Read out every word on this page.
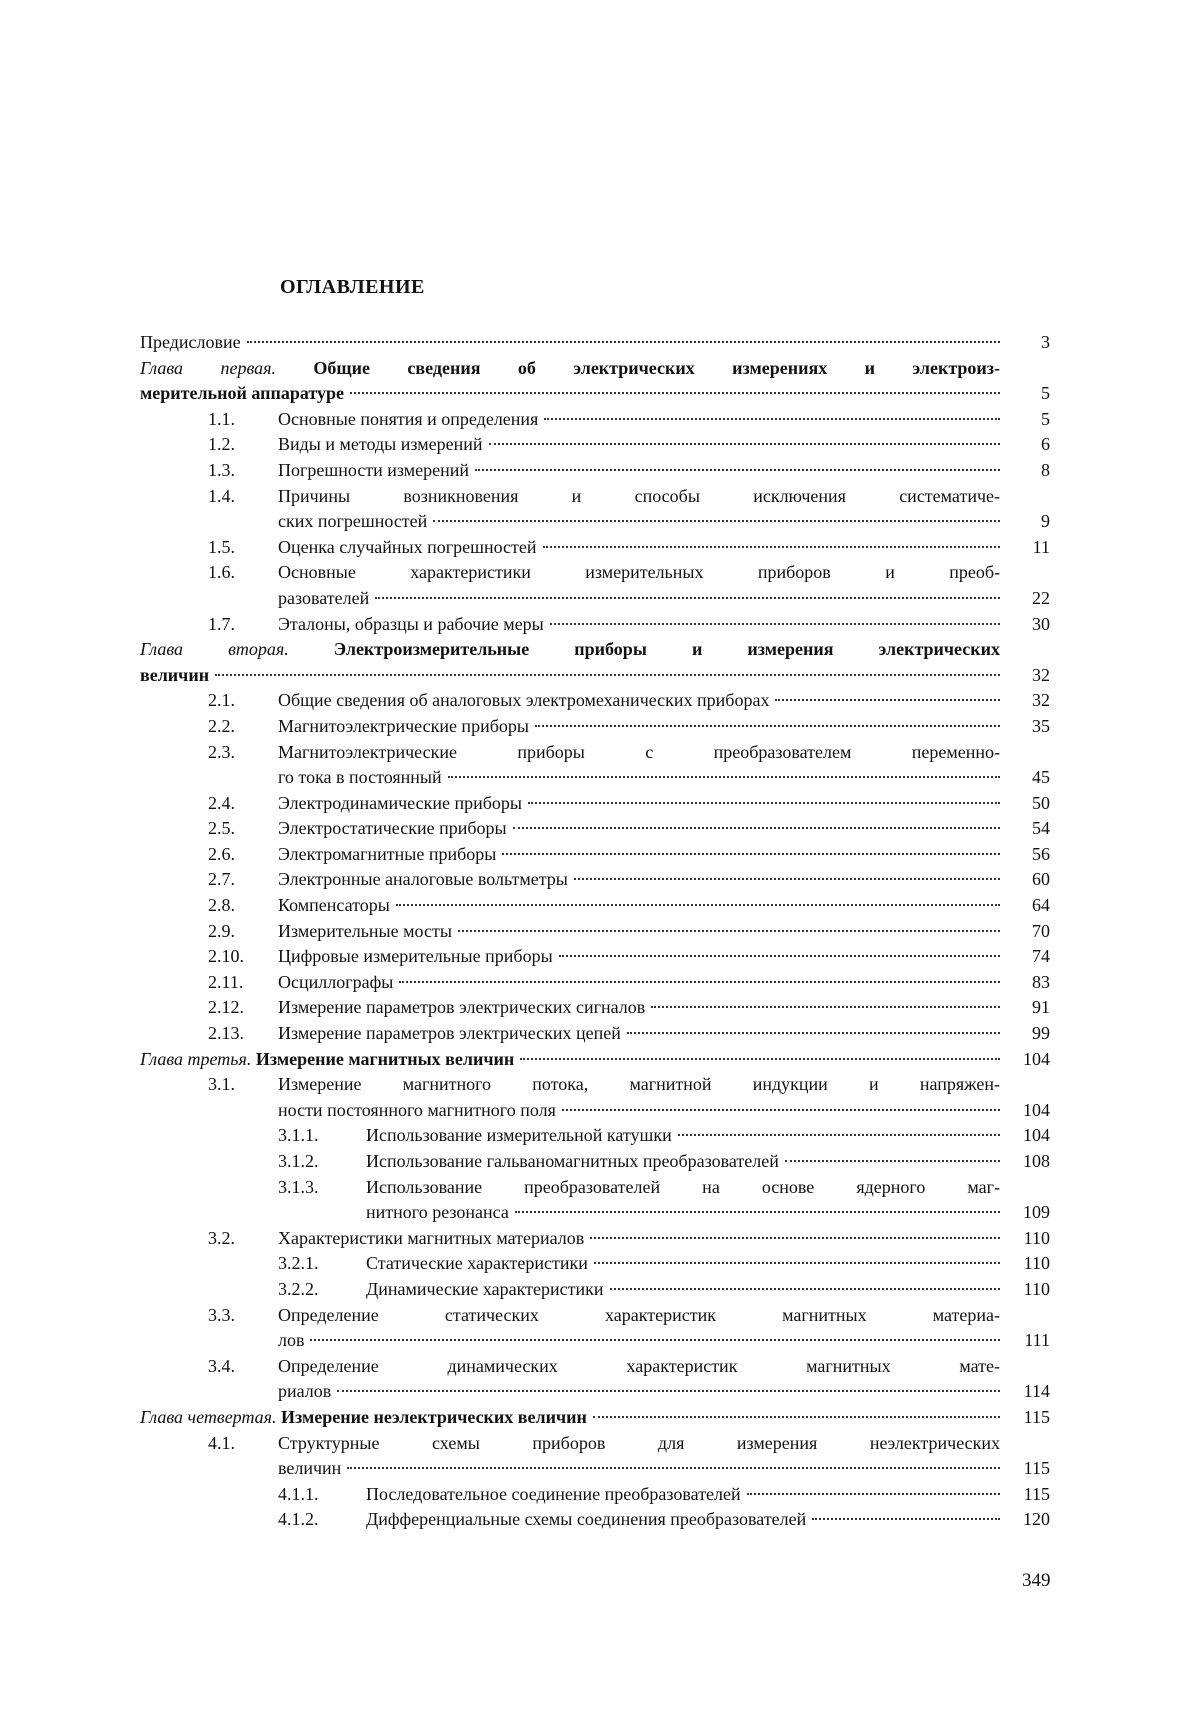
ОГЛАВЛЕНИЕ
Предисловие	3
Глава первая. Общие сведения об электрических измерениях и электроиз-
мерительной аппаратуре	5
1.1. Основные понятия и определения	5
1.2. Виды и методы измерений	6
1.3. Погрешности измерений	8
1.4. Причины возникновения и способы исключения систематиче-
ских погрешностей	9
1.5. Оценка случайных погрешностей	11
1.6. Основные характеристики измерительных приборов и преоб-
разователей	22
1.7. Эталоны, образцы и рабочие меры	30
Глава вторая. Электроизмерительные приборы и измерения электрических
величин	32
2.1. Общие сведения об аналоговых электромеханических приборах	32
2.2. Магнитоэлектрические приборы	35
2.3. Магнитоэлектрические приборы с преобразователем переменно-
го тока в постоянный	45
2.4. Электродинамические приборы	50
2.5. Электростатические приборы	54
2.6. Электромагнитные приборы	56
2.7. Электронные аналоговые вольтметры	60
2.8. Компенсаторы	64
2.9. Измерительные мосты	70
2.10. Цифровые измерительные приборы	74
2.11. Осциллографы	83
2.12. Измерение параметров электрических сигналов	91
2.13. Измерение параметров электрических цепей	99
Глава третья. Измерение магнитных величин	104
3.1. Измерение магнитного потока, магнитной индукции и напряжен-
ности постоянного магнитного поля	104
3.1.1.	Использование измерительной катушки	104
3.1.2.	Использование гальваномагнитных преобразователей	108
3.1.3.	Использование преобразователей на основе ядерного маг-
нитного резонанса	109
3.2. Характеристики магнитных материалов	110
3.2.1.	Статические характеристики	110
3.2.2.	Динамические характеристики	110
3.3. Определение статических характеристик магнитных материа-
лов	111
3.4. Определение динамических характеристик магнитных мате-
риалов	114
Глава четвертая. Измерение неэлектрических величин	115
4.1. Структурные схемы приборов для измерения неэлектрических
величин	115
4.1.1.	Последовательное соединение преобразователей	115
4.1.2.	Дифференциальные схемы соединения преобразователей	120
349
